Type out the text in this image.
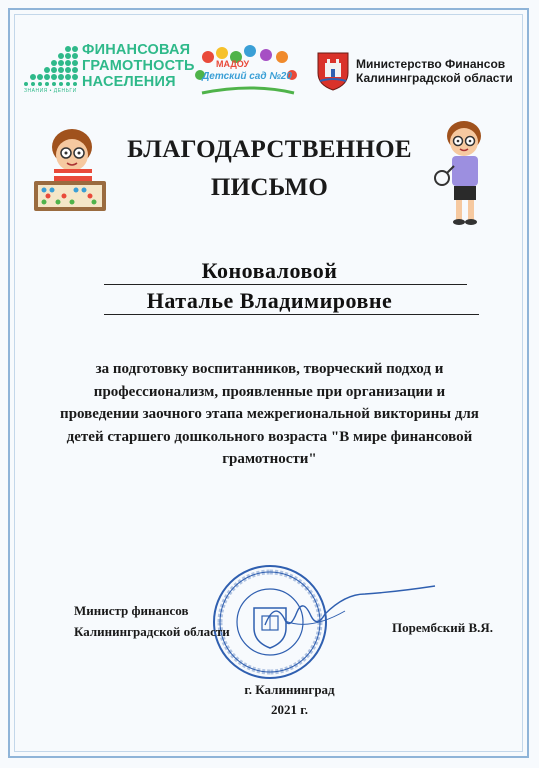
ФИНАНСОВАЯ
ГРАМОТНОСТЬ
НАСЕЛЕНИЯ
ЗНАНИЯ • ДЕНЬГИ
МАДОУ
Детский сад №20
Министерство Финансов
Калининградской области
БЛАГОДАРСТВЕННОЕ
ПИСЬМО
Коноваловой
Наталье Владимировне
за подготовку воспитанников, творческий подход и профессионализм, проявленные при организации и проведении заочного этапа межрегиональной викторины для детей старшего дошкольного возраста "В мире финансовой грамотности"
Министр финансов
Калининградской области	Порембский В.Я.
г. Калининград
2021 г.
